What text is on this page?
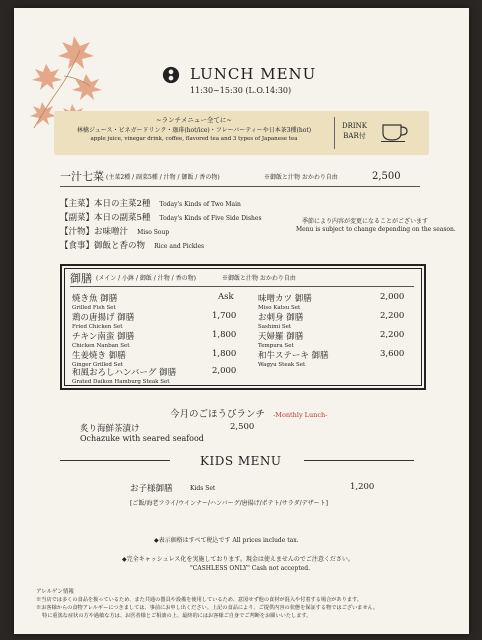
LUNCH MENU
11:30~15:30 (L.O.14:30)
~ランチメニュー全てに~
林檎ジュース・ビネガードリンク・珈琲(hot/ice)・フレーバーティーや日本茶3種(hot)
apple juice, vinegar drink, coffee, flavored tea and 3 types of Japanese tea
DRINK
BAR付
一汁七菜 (主菜2種 / 副菜5種 / 汁物 / 御飯 / 香の物)	※御飯と汁物 おかわり自由	2,500
【主菜】本日の主菜2種 Today's Kinds of Two Main
【副菜】本日の副菜5種 Today's Kinds of Five Side Dishes
【汁物】お味噌汁 Miso Soup
【食事】御飯と香の物 Rice and Pickles
季節により内容が変更になることがございます
Menu is subject to change depending on the season.
御膳 (メイン / 小鉢 / 御飯 / 汁物 / 香の物)	※御飯と汁物 おかわり自由
焼き魚 御膳
Grilled Fish Set
Ask
鶏の唐揚げ 御膳
Fried Chicken Set
1,700
チキン南蛮 御膳
Chicken Nanban Set
1,800
生姜焼き 御膳
Ginger Grilled Set
1,800
和風おろしハンバーグ 御膳
Grated Daikon Hamburg Steak Set
2,000
味噌カツ 御膳
Miso Katsu Set
2,000
お刺身 御膳
Sashimi Set
2,200
天婦羅 御膳
Tempura Set
2,200
和牛ステーキ 御膳
Wagyu Steak Set
3,600
今月のごほうびランチ -Monthly Lunch-
炙り海鮮茶漬け	2,500
Ochazuke with seared seafood
KIDS MENU
お子様御膳	Kids Set	1,200
[ご飯/海老フライ/ウインナー/ハンバーグ/唐揚げ/ポテト/サラダ/デザート]
◆表示価格はすべて税込です All prices include tax.
◆完全キャッシュレス化を実施しております。現金は使えませんのでご注意ください。
"CASHLESS ONLY" Cash not accepted.
アレルゲン情報
※当店では多くの食品を扱っているため、また共通の器具や設備を使用しているため、意図せず他の食材が混入や付着する場合があります。
※お客様からの食物アレルギーにつきましては、事前にお申し出ください。上記の食品により、ご提供内容の状態を保証する物ではございません。
特に重篤な症状の方や過敏な方は、お医者様とご相談の上、最終的にはお客様ご自身でご判断をお願いいたします。
